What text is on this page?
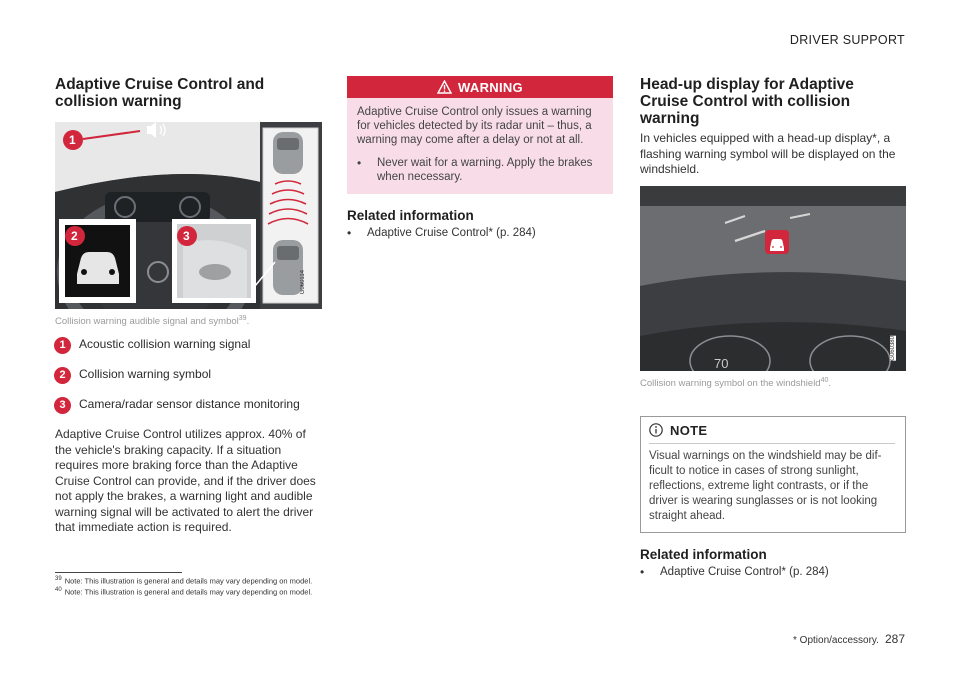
DRIVER SUPPORT
Adaptive Cruise Control and collision warning
1
2	3
G060114
Collision warning audible signal and symbol$^{39}$.
1	Acoustic collision warning signal
2	Collision warning symbol
3	Camera/radar sensor distance monitoring

Adaptive Cruise Control utilizes approx. 40% of the vehicle's braking capacity. If a situation requires more braking force than the Adaptive Cruise Control can provide, and if the driver does not apply the brakes, a warning light and audible warning signal will be activated to alert the driver that immediate action is required.

WARNING
Adaptive Cruise Control only issues a warning for vehicles detected by its radar unit – thus, a warning may come after a delay or not at all.
•	Never wait for a warning. Apply the brakes when necessary.
Related information
•	Adaptive Cruise Control* (p. 284)
Head-up display for Adaptive Cruise Control with collision warning

In vehicles equipped with a head-up display*, a flashing warning symbol will be displayed on the windshield.

70
G060380
Collision warning symbol on the windshield$^{40}$.
NOTE
Visual warnings on the windshield may be dif-ficult to notice in cases of strong sunlight, reflections, extreme light contrasts, or if the driver is wearing sunglasses or is not looking straight ahead.
Related information
•	Adaptive Cruise Control* (p. 284)
$^{39}$ Note: This illustration is general and details may vary depending on model.
$^{40}$ Note: This illustration is general and details may vary depending on model.
* Option/accessory. 287
